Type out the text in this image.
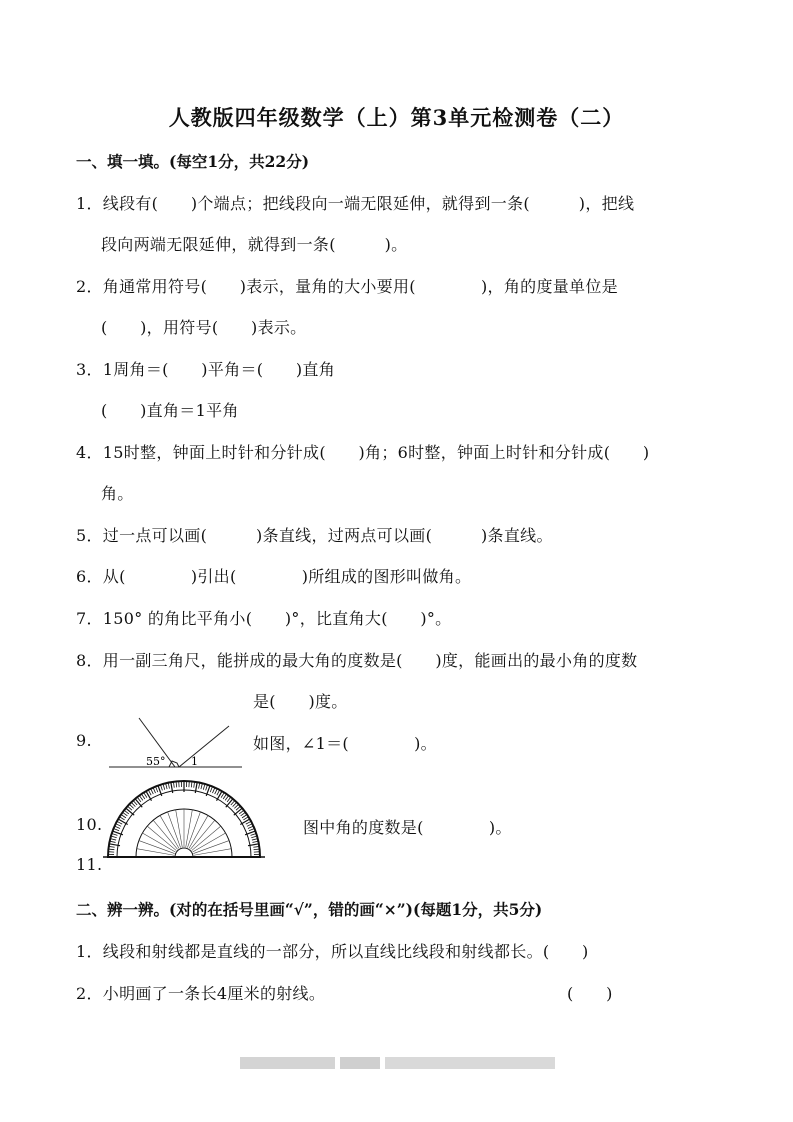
人教版四年级数学（上）第3单元检测卷（二）
一、填一填。(每空1分，共22分)
1．线段有(　　)个端点；把线段向一端无限延伸，就得到一条(　　　)，把线
段向两端无限延伸，就得到一条(　　　)。
2．角通常用符号(　　)表示，量角的大小要用(　　　　)，角的度量单位是
(　　)，用符号(　　)表示。
3．1周角＝(　　)平角＝(　　)直角
(　　)直角＝1平角
4．15时整，钟面上时针和分针成(　　)角；6时整，钟面上时针和分针成(　　)
角。
5．过一点可以画(　　　)条直线，过两点可以画(　　　)条直线。
6．从(　　　　)引出(　　　　)所组成的图形叫做角。
7．150° 的角比平角小(　　)°，比直角大(　　)°。
8．用一副三角尺，能拼成的最大角的度数是(　　)度，能画出的最小角的度数
是(　　)度。
9.	如图，∠1＝(　　　　)。
55° 1
10.	图中角的度数是(　　　　)。
11.
二、辨一辨。(对的在括号里画“√”，错的画“×”)(每题1分，共5分)
1．线段和射线都是直线的一部分，所以直线比线段和射线都长。(　　)
2．小明画了一条长4厘米的射线。	(　　)
